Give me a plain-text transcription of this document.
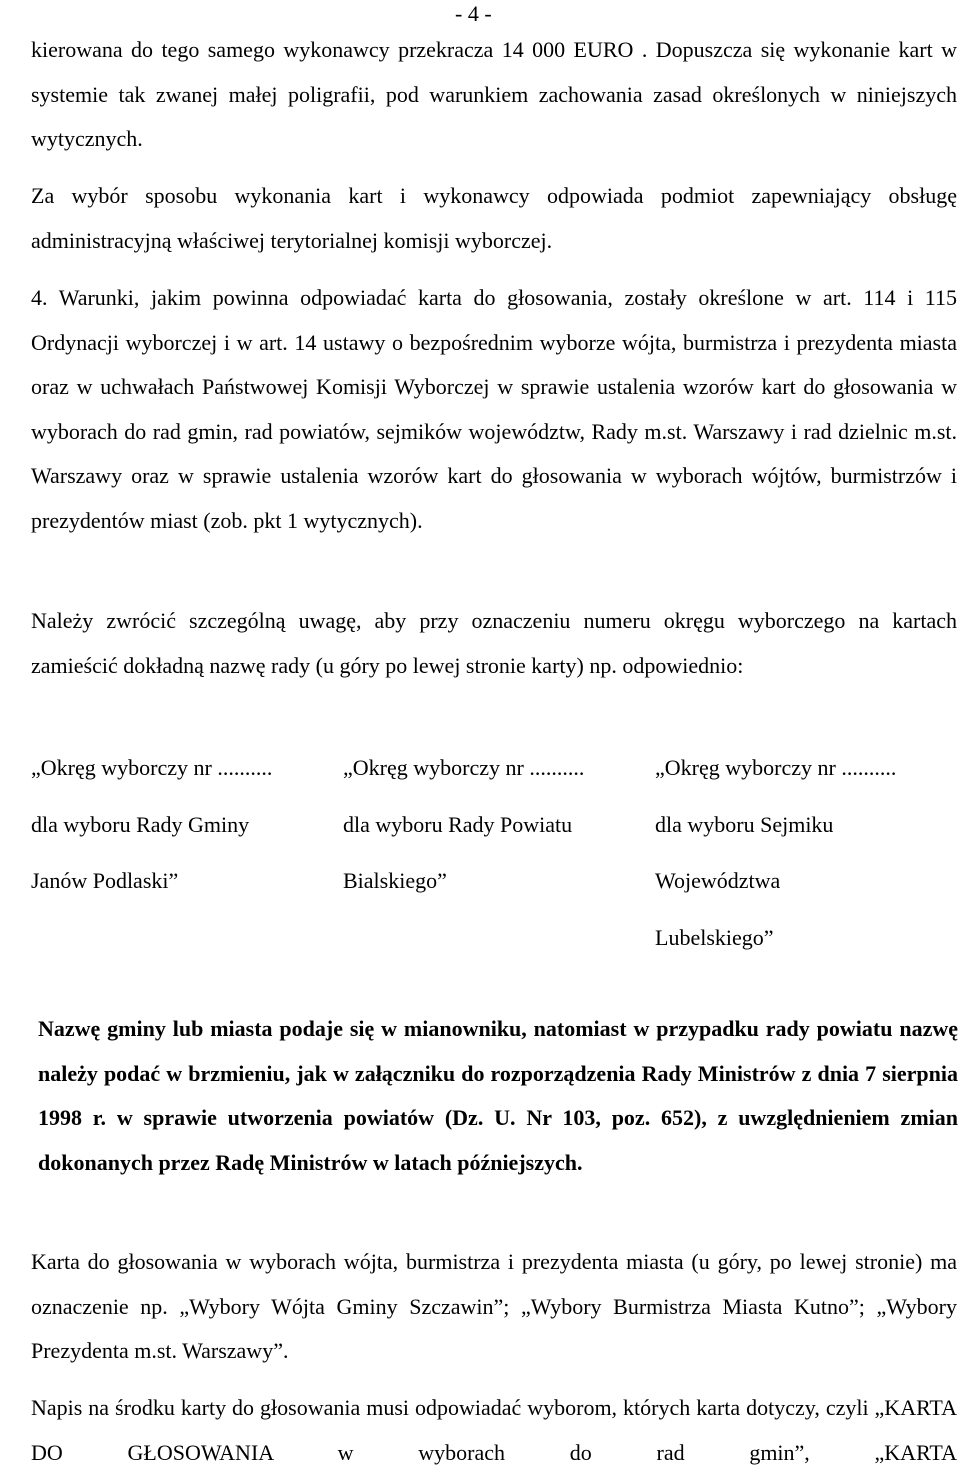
- 4 -

kierowana do tego samego wykonawcy przekracza 14 000 EURO . Dopuszcza się wykonanie kart w systemie tak zwanej małej poligrafii, pod warunkiem zachowania zasad określonych w niniejszych wytycznych.

Za wybór sposobu wykonania kart i wykonawcy odpowiada podmiot zapewniający obsługę administracyjną właściwej terytorialnej komisji wyborczej.

4. Warunki, jakim powinna odpowiadać karta do głosowania, zostały określone w art. 114 i 115 Ordynacji wyborczej i w art. 14 ustawy o bezpośrednim wyborze wójta, burmistrza i prezydenta miasta oraz w uchwałach Państwowej Komisji Wyborczej w sprawie ustalenia wzorów kart do głosowania w wyborach do rad gmin, rad powiatów, sejmików województw, Rady m.st. Warszawy i rad dzielnic m.st. Warszawy oraz w sprawie ustalenia wzorów kart do głosowania w wyborach wójtów, burmistrzów i prezydentów miast (zob. pkt 1 wytycznych).

Należy zwrócić szczególną uwagę, aby przy oznaczeniu numeru okręgu wyborczego na kartach zamieścić dokładną nazwę rady (u góry po lewej stronie karty) np. odpowiednio:

„Okręg wyborczy nr ..........
dla wyboru Rady Gminy
Janów Podlaski”
„Okręg wyborczy nr ..........
dla wyboru Rady Powiatu
Bialskiego”
„Okręg wyborczy nr ..........
dla wyboru Sejmiku
Województwa
Lubelskiego”

Nazwę gminy lub miasta podaje się w mianowniku, natomiast w przypadku rady powiatu nazwę należy podać w brzmieniu, jak w załączniku do rozporządzenia Rady Ministrów z dnia 7 sierpnia 1998 r. w sprawie utworzenia powiatów (Dz. U. Nr 103, poz. 652), z uwzględnieniem zmian dokonanych przez Radę Ministrów w latach późniejszych.

Karta do głosowania w wyborach wójta, burmistrza i prezydenta miasta (u góry, po lewej stronie) ma oznaczenie np. „Wybory Wójta Gminy Szczawin”; „Wybory Burmistrza Miasta Kutno”; „Wybory Prezydenta m.st. Warszawy”.

Napis na środku karty do głosowania musi odpowiadać wyborom, których karta dotyczy, czyli „KARTA DO GŁOSOWANIA w wyborach do rad gmin”, „KARTA
